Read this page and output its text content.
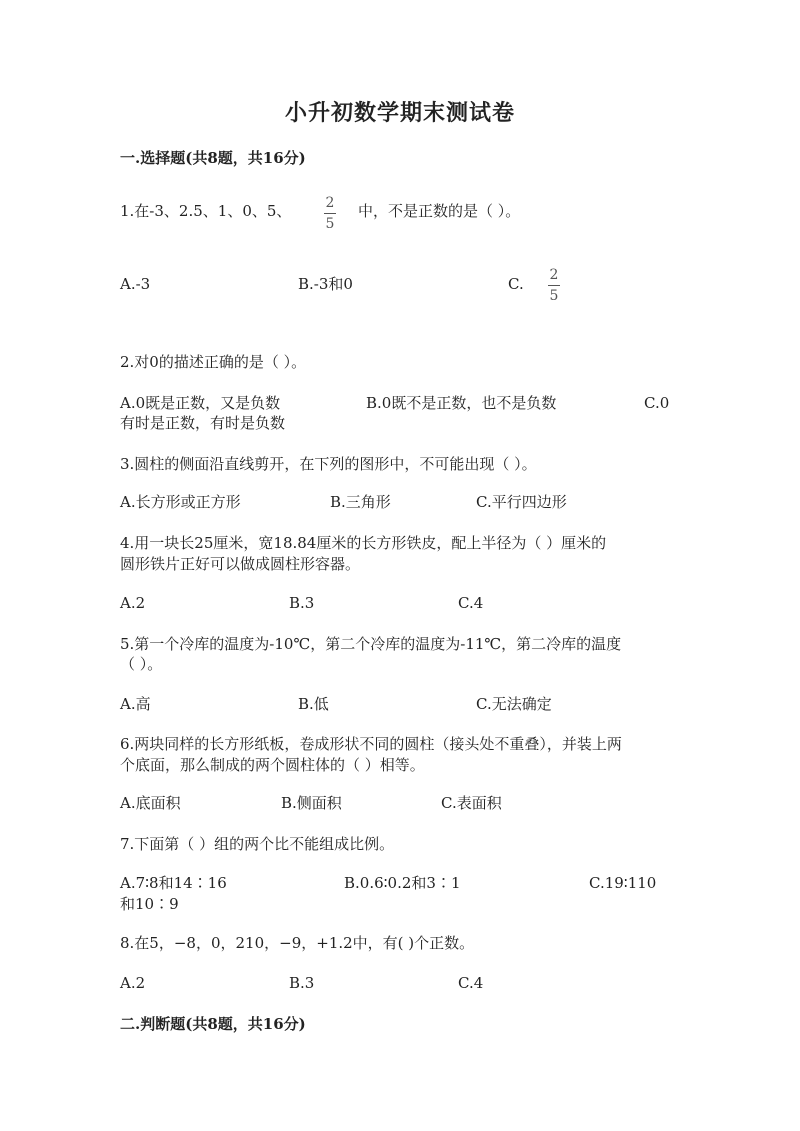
小升初数学期末测试卷
一.选择题(共8题，共16分)
1.在-3、2.5、1、0、5、 2
5
中，不是正数的是（ ）。
A.-3	B.-3和0	C. 2
5
2.对0的描述正确的是（ ）。
A.0既是正数，又是负数	B.0既不是正数，也不是负数	C.0
有时是正数，有时是负数
3.圆柱的侧面沿直线剪开，在下列的图形中，不可能出现（ ）。
A.长方形或正方形	B.三角形	C.平行四边形
4.用一块长25厘米，宽18.84厘米的长方形铁皮，配上半径为（ ）厘米的
圆形铁片正好可以做成圆柱形容器。
A.2	B.3	C.4
5.第一个冷库的温度为-10℃，第二个冷库的温度为-11℃，第二冷库的温度
（ ）。
A.高	B.低	C.无法确定
6.两块同样的长方形纸板，卷成形状不同的圆柱（接头处不重叠），并装上两
个底面，那么制成的两个圆柱体的（ ）相等。
A.底面积	B.侧面积	C.表面积
7.下面第（ ）组的两个比不能组成比例。
A.7∶8和14∶16	B.0.6∶0.2和3∶1	C.19∶110
和10∶9
8.在5，−8，0，210，−9，+1.2中，有( )个正数。
A.2	B.3	C.4
二.判断题(共8题，共16分)
